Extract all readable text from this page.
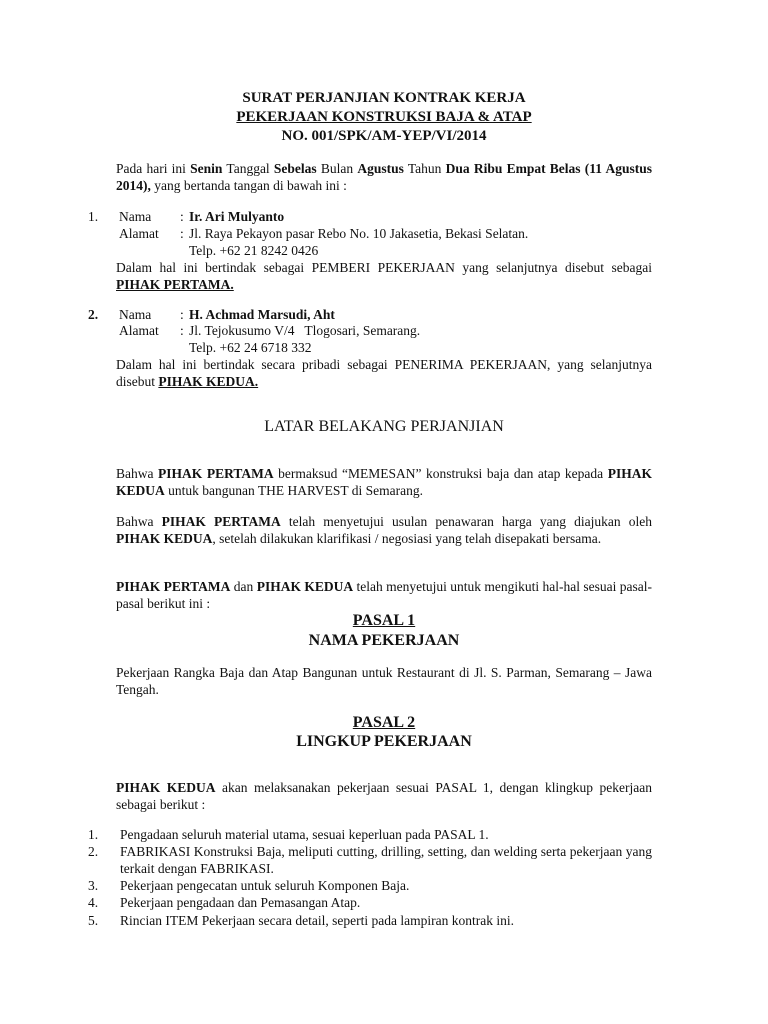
SURAT PERJANJIAN KONTRAK KERJA
PEKERJAAN KONSTRUKSI BAJA & ATAP
NO. 001/SPK/AM-YEP/VI/2014
Pada hari ini Senin Tanggal Sebelas Bulan Agustus Tahun Dua Ribu Empat Belas (11 Agustus 2014), yang bertanda tangan di bawah ini :
1. Nama : Ir. Ari Mulyanto
Alamat : Jl. Raya Pekayon pasar Rebo No. 10 Jakasetia, Bekasi Selatan.
Telp. +62 21 8242 0426
Dalam hal ini bertindak sebagai PEMBERI PEKERJAAN yang selanjutnya disebut sebagai PIHAK PERTAMA.
2. Nama : H. Achmad Marsudi, Aht
Alamat : Jl. Tejokusumo V/4   Tlogosari, Semarang.
Telp. +62 24 6718 332
Dalam hal ini bertindak secara pribadi sebagai PENERIMA PEKERJAAN, yang selanjutnya disebut PIHAK KEDUA.
LATAR BELAKANG PERJANJIAN
Bahwa PIHAK PERTAMA bermaksud “MEMESAN” konstruksi baja dan atap kepada PIHAK KEDUA untuk bangunan THE HARVEST di Semarang.
Bahwa PIHAK PERTAMA telah menyetujui usulan penawaran harga yang diajukan oleh PIHAK KEDUA, setelah dilakukan klarifikasi / negosiasi yang telah disepakati bersama.
PIHAK PERTAMA dan PIHAK KEDUA telah menyetujui untuk mengikuti hal-hal sesuai pasal-pasal berikut ini :
PASAL 1
NAMA PEKERJAAN
Pekerjaan Rangka Baja dan Atap Bangunan untuk Restaurant di Jl. S. Parman, Semarang – Jawa Tengah.
PASAL 2
LINGKUP PEKERJAAN
PIHAK KEDUA akan melaksanakan pekerjaan sesuai PASAL 1, dengan klingkup pekerjaan sebagai berikut :
1. Pengadaan seluruh material utama, sesuai keperluan pada PASAL 1.
2. FABRIKASI Konstruksi Baja, meliputi cutting, drilling, setting, dan welding serta pekerjaan yang terkait dengan FABRIKASI.
3. Pekerjaan pengecatan untuk seluruh Komponen Baja.
4. Pekerjaan pengadaan dan Pemasangan Atap.
5. Rincian ITEM Pekerjaan secara detail, seperti pada lampiran kontrak ini.
